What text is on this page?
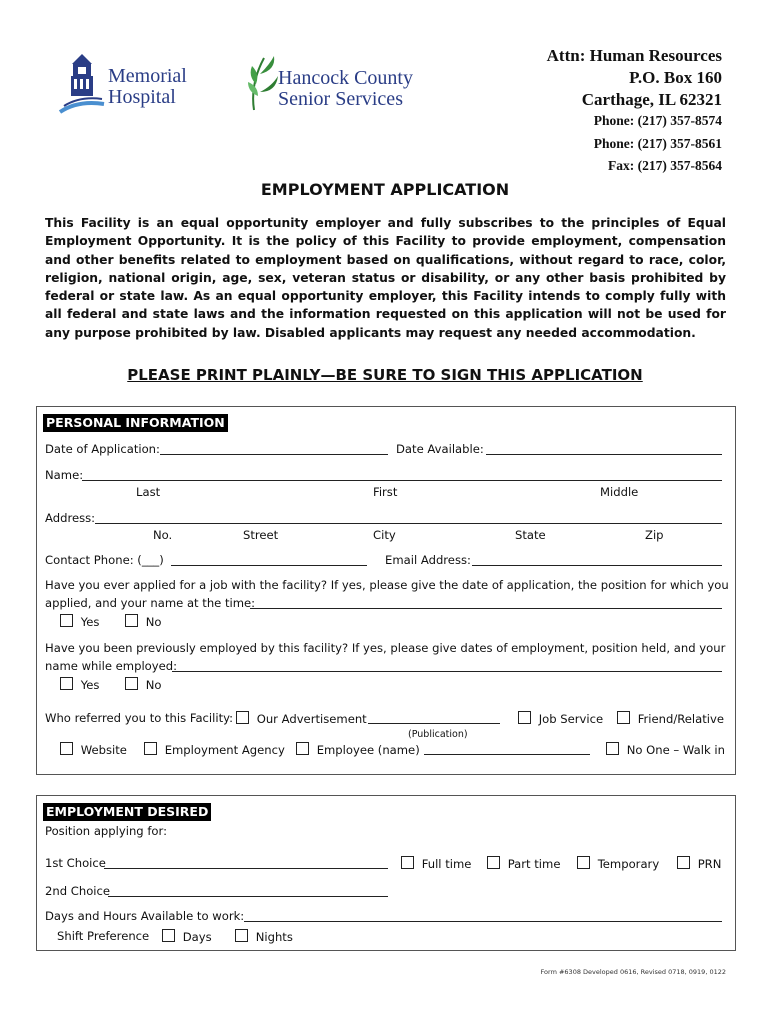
Memorial
Hospital
Hancock County
Senior Services
Attn: Human Resources
P.O. Box 160
Carthage, IL 62321
Phone: (217) 357-8574
Phone: (217) 357-8561
Fax: (217) 357-8564
EMPLOYMENT APPLICATION
This Facility is an equal opportunity employer and fully subscribes to the principles of Equal Employment Opportunity. It is the policy of this Facility to provide employment, compensation and other benefits related to employment based on qualifications, without regard to race, color, religion, national origin, age, sex, veteran status or disability, or any other basis prohibited by federal or state law. As an equal opportunity employer, this Facility intends to comply fully with all federal and state laws and the information requested on this application will not be used for any purpose prohibited by law. Disabled applicants may request any needed accommodation.
PLEASE PRINT PLAINLY—BE SURE TO SIGN THIS APPLICATION
PERSONAL INFORMATION
Date of Application:	Date Available:
Name:
Last	First	Middle
Address:
No.	Street	City	State	Zip
Contact Phone: (___)	Email Address:
Have you ever applied for a job with the facility? If yes, please give the date of application, the position for which you
applied, and your name at the time:
Yes	No
Have you been previously employed by this facility? If yes, please give dates of employment, position held, and your
name while employed:
Yes	No
Who referred you to this Facility:	Our Advertisement
(Publication)
Job Service	Friend/Relative
Website	Employment Agency	Employee (name)	No One – Walk in
EMPLOYMENT DESIRED
Position applying for:
1st Choice	Full time	Part time	Temporary	PRN
2nd Choice
Days and Hours Available to work:
Shift Preference	Days	Nights
Form #6308 Developed 0616, Revised 0718, 0919, 0122
